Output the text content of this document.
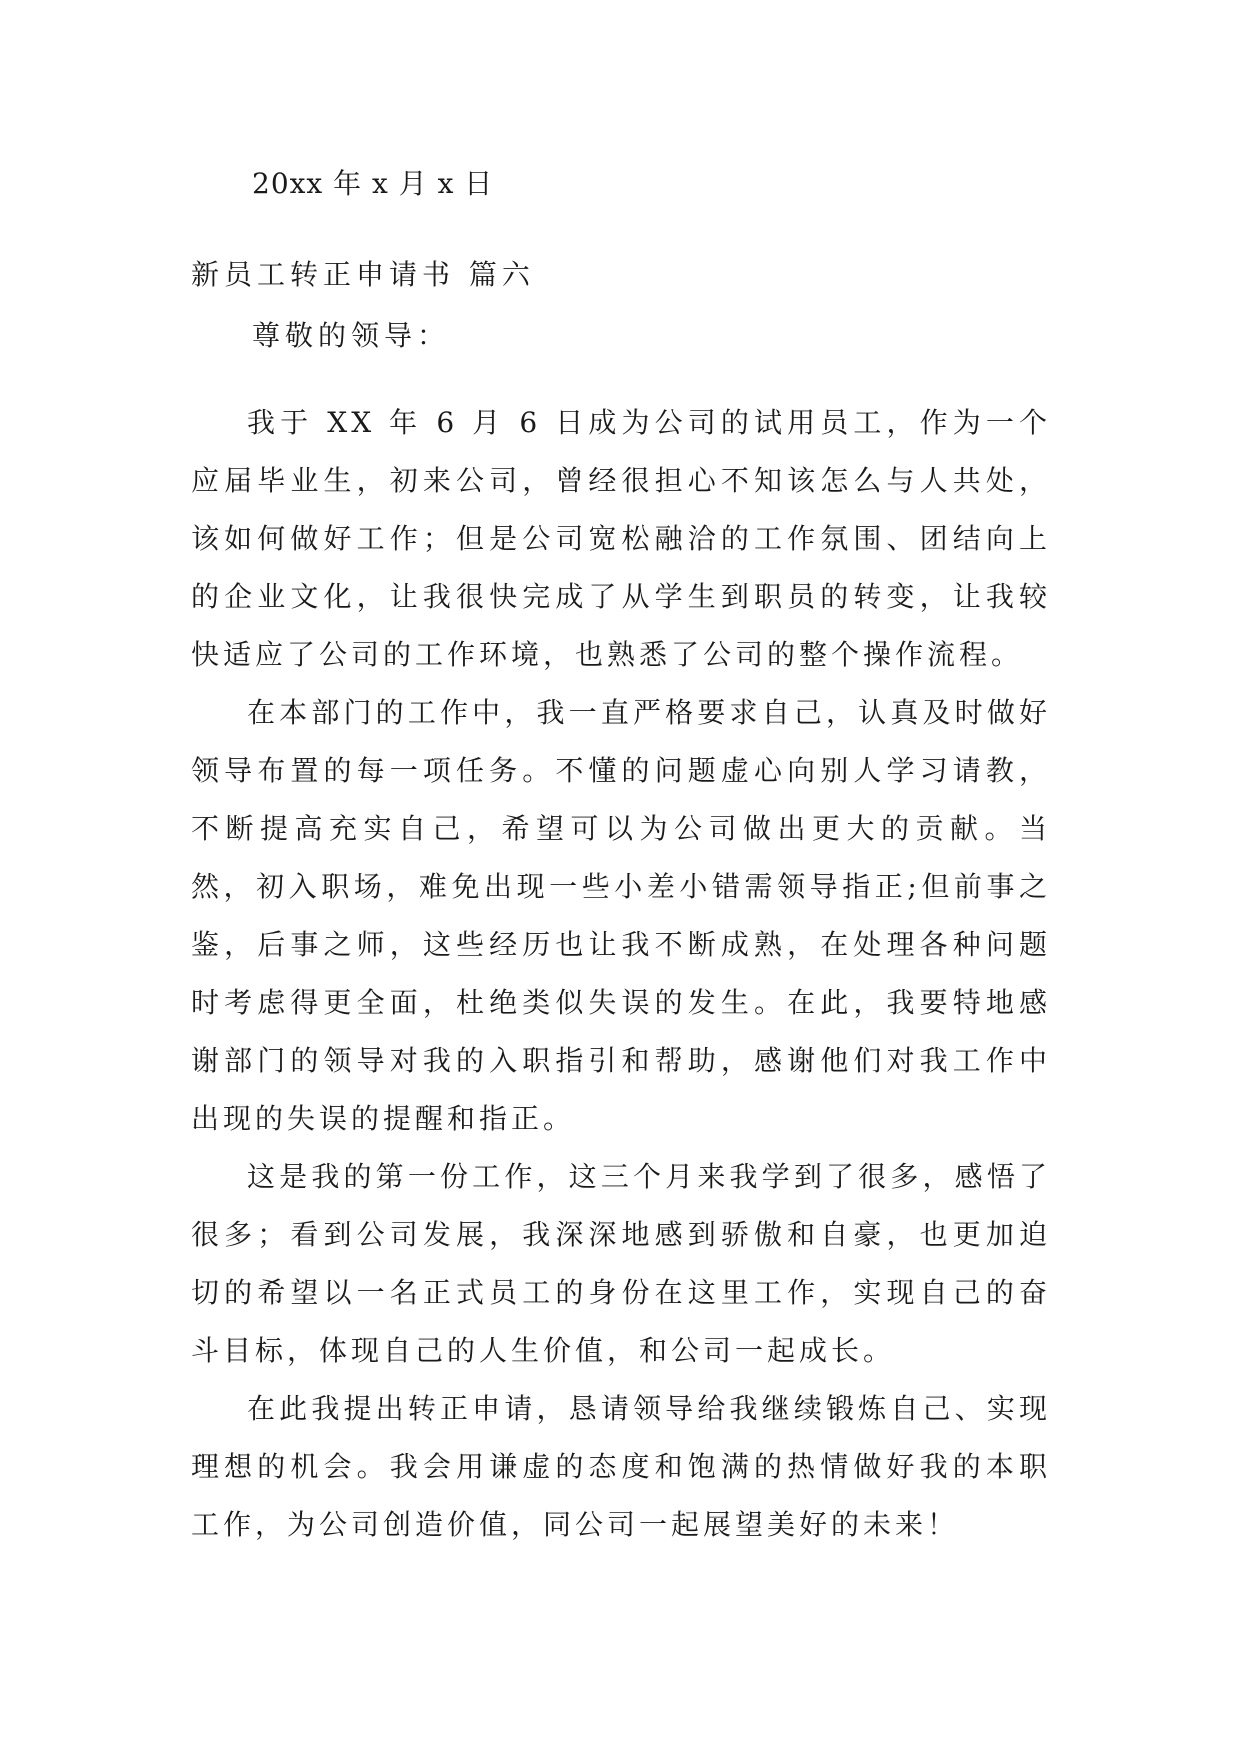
20xx 年 x 月 x 日
新员工转正申请书 篇六
尊敬的领导：

我于 XX 年 6 月 6 日成为公司的试用员工，作为一个应届毕业生，初来公司，曾经很担心不知该怎么与人共处，该如何做好工作；但是公司宽松融洽的工作氛围、团结向上的企业文化，让我很快完成了从学生到职员的转变，让我较快适应了公司的工作环境，也熟悉了公司的整个操作流程。

在本部门的工作中，我一直严格要求自己，认真及时做好领导布置的每一项任务。不懂的问题虚心向别人学习请教，不断提高充实自己，希望可以为公司做出更大的贡献。当然，初入职场，难免出现一些小差小错需领导指正;但前事之鉴，后事之师，这些经历也让我不断成熟，在处理各种问题时考虑得更全面，杜绝类似失误的发生。在此，我要特地感谢部门的领导对我的入职指引和帮助，感谢他们对我工作中出现的失误的提醒和指正。

这是我的第一份工作，这三个月来我学到了很多，感悟了很多；看到公司发展，我深深地感到骄傲和自豪，也更加迫切的希望以一名正式员工的身份在这里工作，实现自己的奋斗目标，体现自己的人生价值，和公司一起成长。

在此我提出转正申请，恳请领导给我继续锻炼自己、实现理想的机会。我会用谦虚的态度和饱满的热情做好我的本职工作，为公司创造价值，同公司一起展望美好的未来！
